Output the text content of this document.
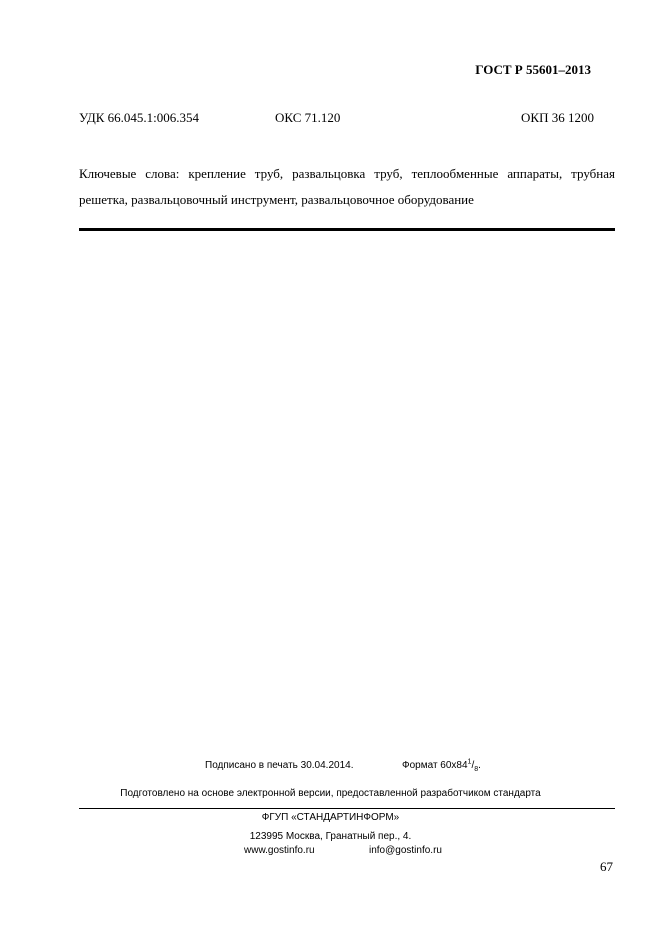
ГОСТ Р 55601–2013
УДК 66.045.1:006.354	ОКС 71.120	ОКП 36 1200
Ключевые слова: крепление труб, развальцовка труб, теплообменные аппараты, трубная решетка, развальцовочный инструмент, развальцовочное оборудование
Подписано в печать 30.04.2014.	Формат $60x84^1/_8$.
Подготовлено на основе электронной версии, предоставленной разработчиком стандарта
ФГУП «СТАНДАРТИНФОРМ»
123995 Москва, Гранатный пер., 4.
www.gostinfo.ru	info@gostinfo.ru
67
